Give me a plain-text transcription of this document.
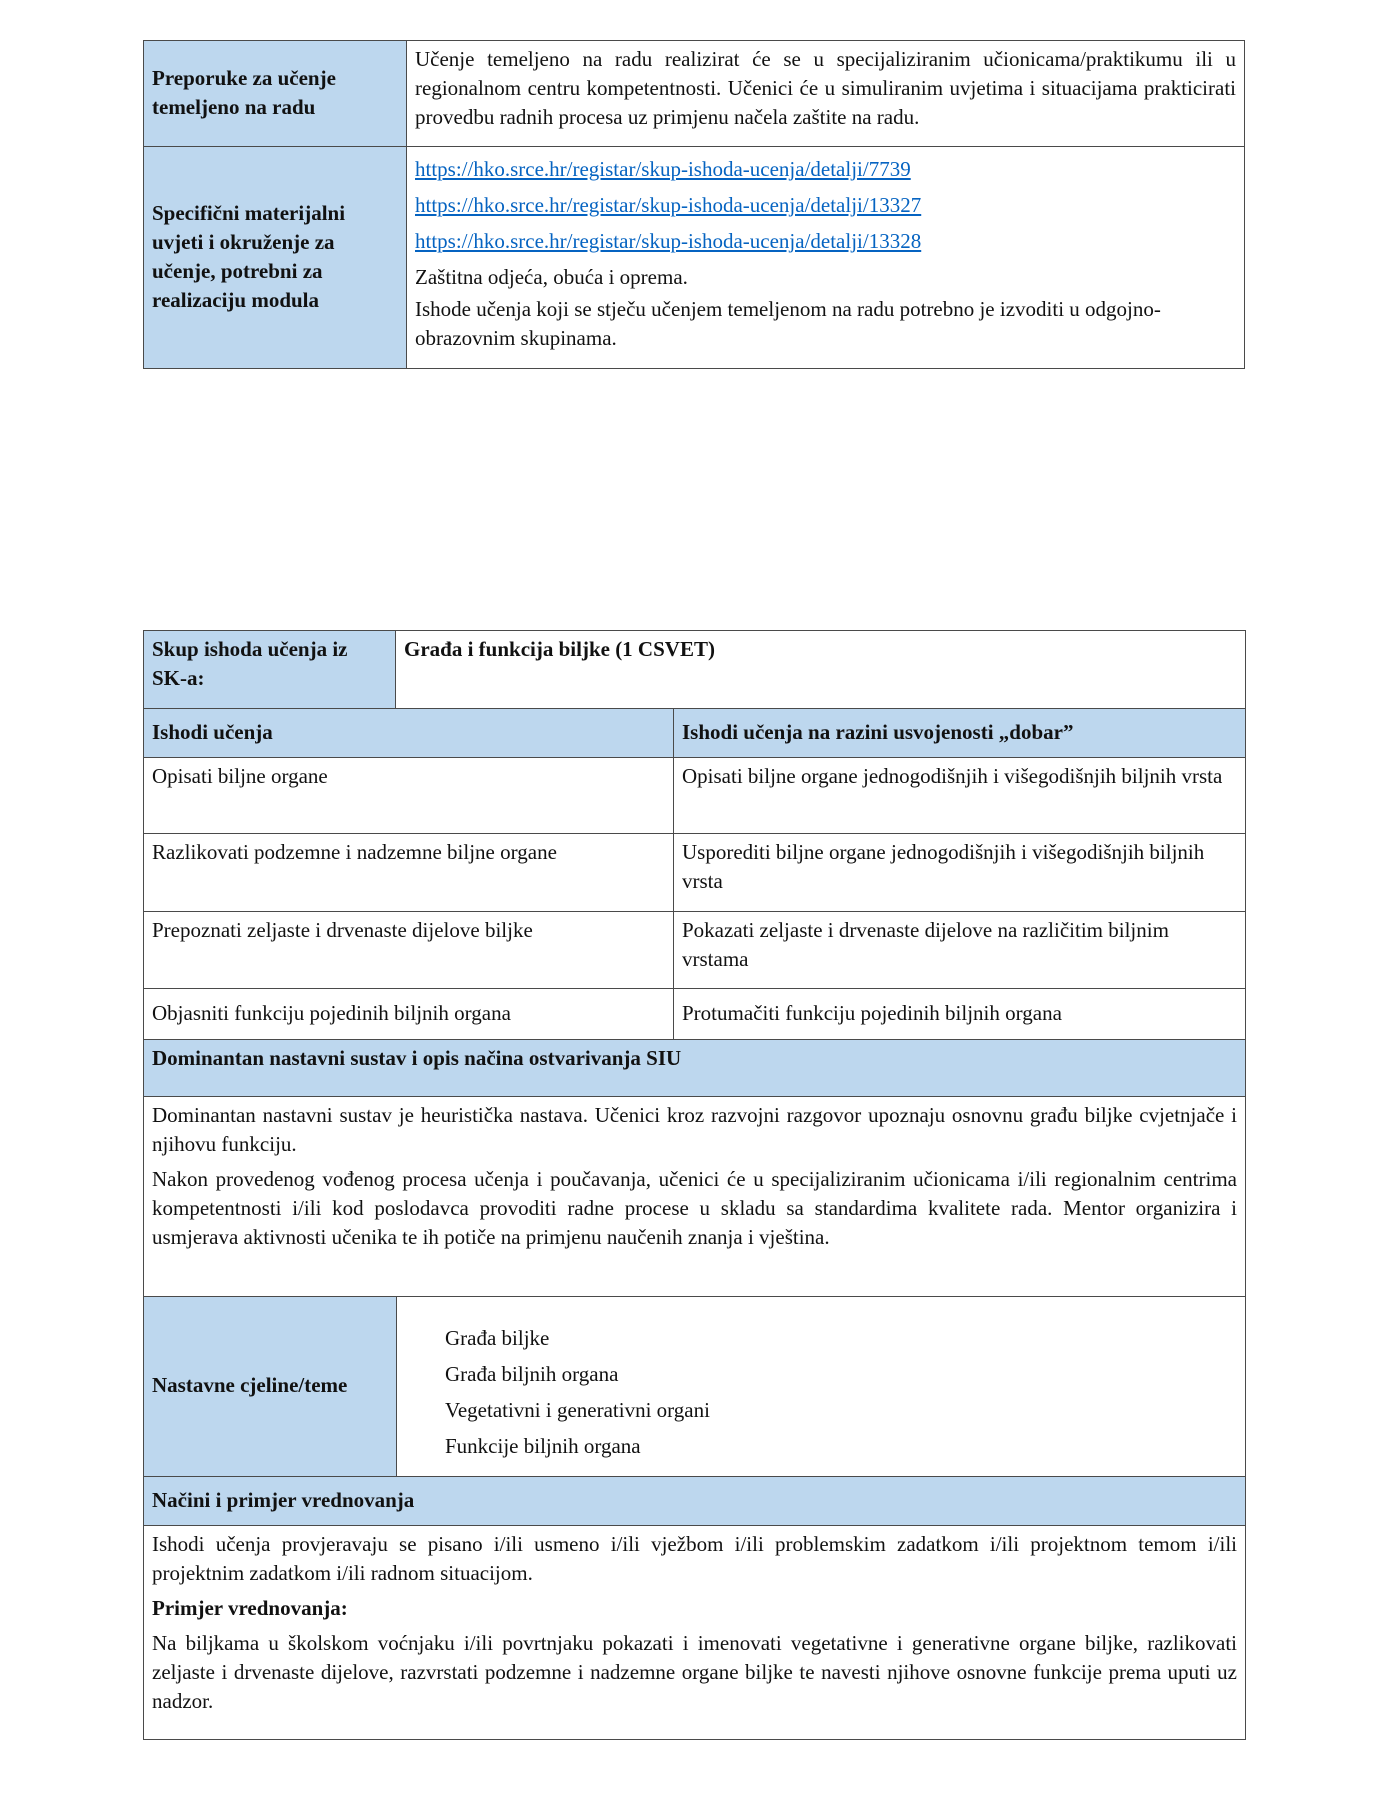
Preporuke za učenje temeljeno na radu	Učenje temeljeno na radu realizirat će se u specijaliziranim učionicama/praktikumu ili u regionalnom centru kompetentnosti. Učenici će u simuliranim uvjetima i situacijama prakticirati provedbu radnih procesa uz primjenu načela zaštite na radu.
Specifični materijalni uvjeti i okruženje za učenje, potrebni za realizaciju modula	https://hko.srce.hr/registar/skup-ishoda-ucenja/detalji/7739
https://hko.srce.hr/registar/skup-ishoda-ucenja/detalji/13327
https://hko.srce.hr/registar/skup-ishoda-ucenja/detalji/13328
Zaštitna odjeća, obuća i oprema.
Ishode učenja koji se stječu učenjem temeljenom na radu potrebno je izvoditi u odgojno-obrazovnim skupinama.
Skup ishoda učenja iz SK-a:	Građa i funkcija biljke (1 CSVET)
Ishodi učenja	Ishodi učenja na razini usvojenosti „dobar”
Opisati biljne organe	Opisati biljne organe jednogodišnjih i višegodišnjih biljnih vrsta
Razlikovati podzemne i nadzemne biljne organe	Usporediti biljne organe jednogodišnjih i višegodišnjih biljnih vrsta
Prepoznati zeljaste i drvenaste dijelove biljke	Pokazati zeljaste i drvenaste dijelove na različitim biljnim vrstama
Objasniti funkciju pojedinih biljnih organa	Protumačiti funkciju pojedinih biljnih organa
Dominantan nastavni sustav i opis načina ostvarivanja SIU

Dominantan nastavni sustav je heuristička nastava. Učenici kroz razvojni razgovor upoznaju osnovnu građu biljke cvjetnjače i njihovu funkciju.
Nakon provedenog vođenog procesa učenja i poučavanja, učenici će u specijaliziranim učionicama i/ili regionalnim centrima kompetentnosti i/ili kod poslodavca provoditi radne procese u skladu sa standardima kvalitete rada. Mentor organizira i usmjerava aktivnosti učenika te ih potiče na primjenu naučenih znanja i vještina.
Nastavne cjeline/teme	
Građa biljke
Građa biljnih organa
Vegetativni i generativni organi
Funkcije biljnih organa
Načini i primjer vrednovanja

Ishodi učenja provjeravaju se pisano i/ili usmeno i/ili vježbom i/ili problemskim zadatkom i/ili projektnom temom i/ili projektnim zadatkom i/ili radnom situacijom.
Primjer vrednovanja:
Na biljkama u školskom voćnjaku i/ili povrtnjaku pokazati i imenovati vegetativne i generativne organe biljke, razlikovati zeljaste i drvenaste dijelove, razvrstati podzemne i nadzemne organe biljke te navesti njihove osnovne funkcije prema uputi uz nadzor.
